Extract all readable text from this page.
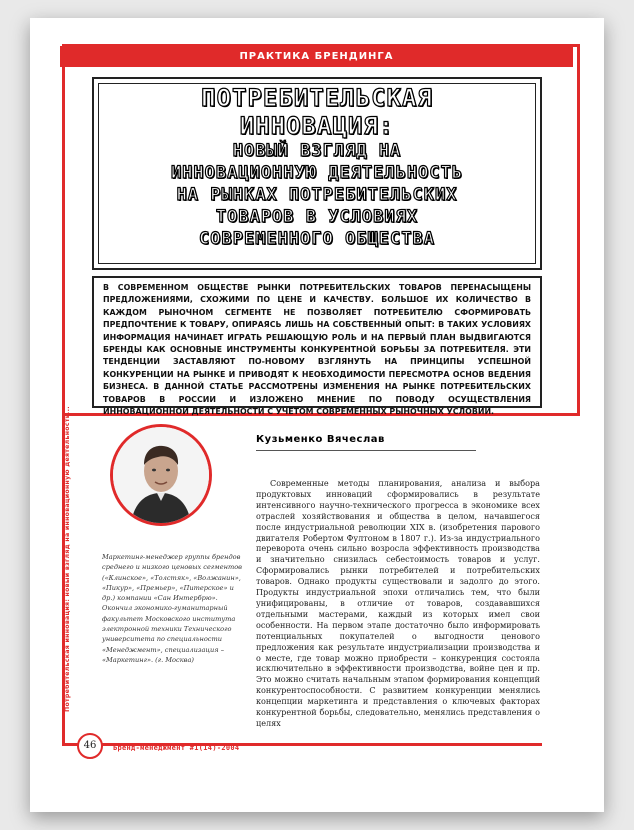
ПРАКТИКА БРЕНДИНГА
ПОТРЕБИТЕЛЬСКАЯ
ИННОВАЦИЯ:
НОВЫЙ ВЗГЛЯД НА
ИННОВАЦИОННУЮ ДЕЯТЕЛЬНОСТЬ
НА РЫНКАХ ПОТРЕБИТЕЛЬСКИХ
ТОВАРОВ В УСЛОВИЯХ
СОВРЕМЕННОГО ОБЩЕСТВА
В СОВРЕМЕННОМ ОБЩЕСТВЕ РЫНКИ ПОТРЕБИТЕЛЬСКИХ ТОВАРОВ ПЕРЕНАСЫЩЕНЫ ПРЕДЛОЖЕНИЯМИ, СХОЖИМИ ПО ЦЕНЕ И КАЧЕСТВУ. БОЛЬШОЕ ИХ КОЛИЧЕСТВО В КАЖДОМ РЫНОЧНОМ СЕГМЕНТЕ НЕ ПОЗВОЛЯЕТ ПОТРЕБИТЕЛЮ СФОРМИРОВАТЬ ПРЕДПОЧТЕНИЕ К ТОВАРУ, ОПИРАЯСЬ ЛИШЬ НА СОБСТВЕННЫЙ ОПЫТ: В ТАКИХ УСЛОВИЯХ ИНФОРМАЦИЯ НАЧИНАЕТ ИГРАТЬ РЕШАЮЩУЮ РОЛЬ И НА ПЕРВЫЙ ПЛАН ВЫДВИГАЮТСЯ БРЕНДЫ КАК ОСНОВНЫЕ ИНСТРУМЕНТЫ КОНКУРЕНТНОЙ БОРЬБЫ ЗА ПОТРЕБИТЕЛЯ. ЭТИ ТЕНДЕНЦИИ ЗАСТАВЛЯЮТ ПО-НОВОМУ ВЗГЛЯНУТЬ НА ПРИНЦИПЫ УСПЕШНОЙ КОНКУРЕНЦИИ НА РЫНКЕ И ПРИВОДЯТ К НЕОБХОДИМОСТИ ПЕРЕСМОТРА ОСНОВ ВЕДЕНИЯ БИЗНЕСА. В ДАННОЙ СТАТЬЕ РАССМОТРЕНЫ ИЗМЕНЕНИЯ НА РЫНКЕ ПОТРЕБИТЕЛЬСКИХ ТОВАРОВ В РОССИИ И ИЗЛОЖЕНО МНЕНИЕ ПО ПОВОДУ ОСУЩЕСТВЛЕНИЯ ИННОВАЦИОННОЙ ДЕЯТЕЛЬНОСТИ С УЧЕТОМ СОВРЕМЕННЫХ РЫНОЧНЫХ УСЛОВИЙ.
Потребительская инновация: новый взгляд на инновационную деятельность...	Кузьменко Вячеслав
Маркетинг-менеджер группы брендов среднего и низкого ценовых сегментов («Клинское», «Толстяк», «Волжанин», «Пикур», «Премьер», «Питерское» и др.) компании «Сан Интербрю». Окончил экономико-гуманитарный факультет Московского института электронной техники Технического университета по специальности «Менеджмент», специализация – «Маркетинг». (г. Москва)

Современные методы планирования, анализа и выбора продуктовых инноваций сформировались в результате интенсивного научно-технического прогресса в экономике всех отраслей хозяйствования и общества в целом, начавшегося после индустриальной революции XIX в. (изобретения парового двигателя Робертом Фултоном в 1807 г.). Из-за индустриального переворота очень сильно возросла эффективность производства и значительно снизилась себестоимость товаров и услуг. Сформировались рынки потребителей и потребительских товаров. Однако продукты существовали и задолго до этого. Продукты индустриальной эпохи отличались тем, что были унифицированы, в отличие от товаров, создававшихся отдельными мастерами, каждый из которых имел свои особенности. На первом этапе достаточно было информировать потенциальных покупателей о выгодности ценового предложения как результате индустриализации производства и о месте, где товар можно приобрести – конкуренция состояла исключительно в эффективности производства, войне цен и пр. Это можно считать начальным этапом формирования концепций конкурентоспособности. С развитием конкуренции менялись концепции маркетинга и представления о ключевых факторах конкурентной борьбы, следовательно, менялись представления о целях

46	Бренд-менеджмент #1(14)-2004
